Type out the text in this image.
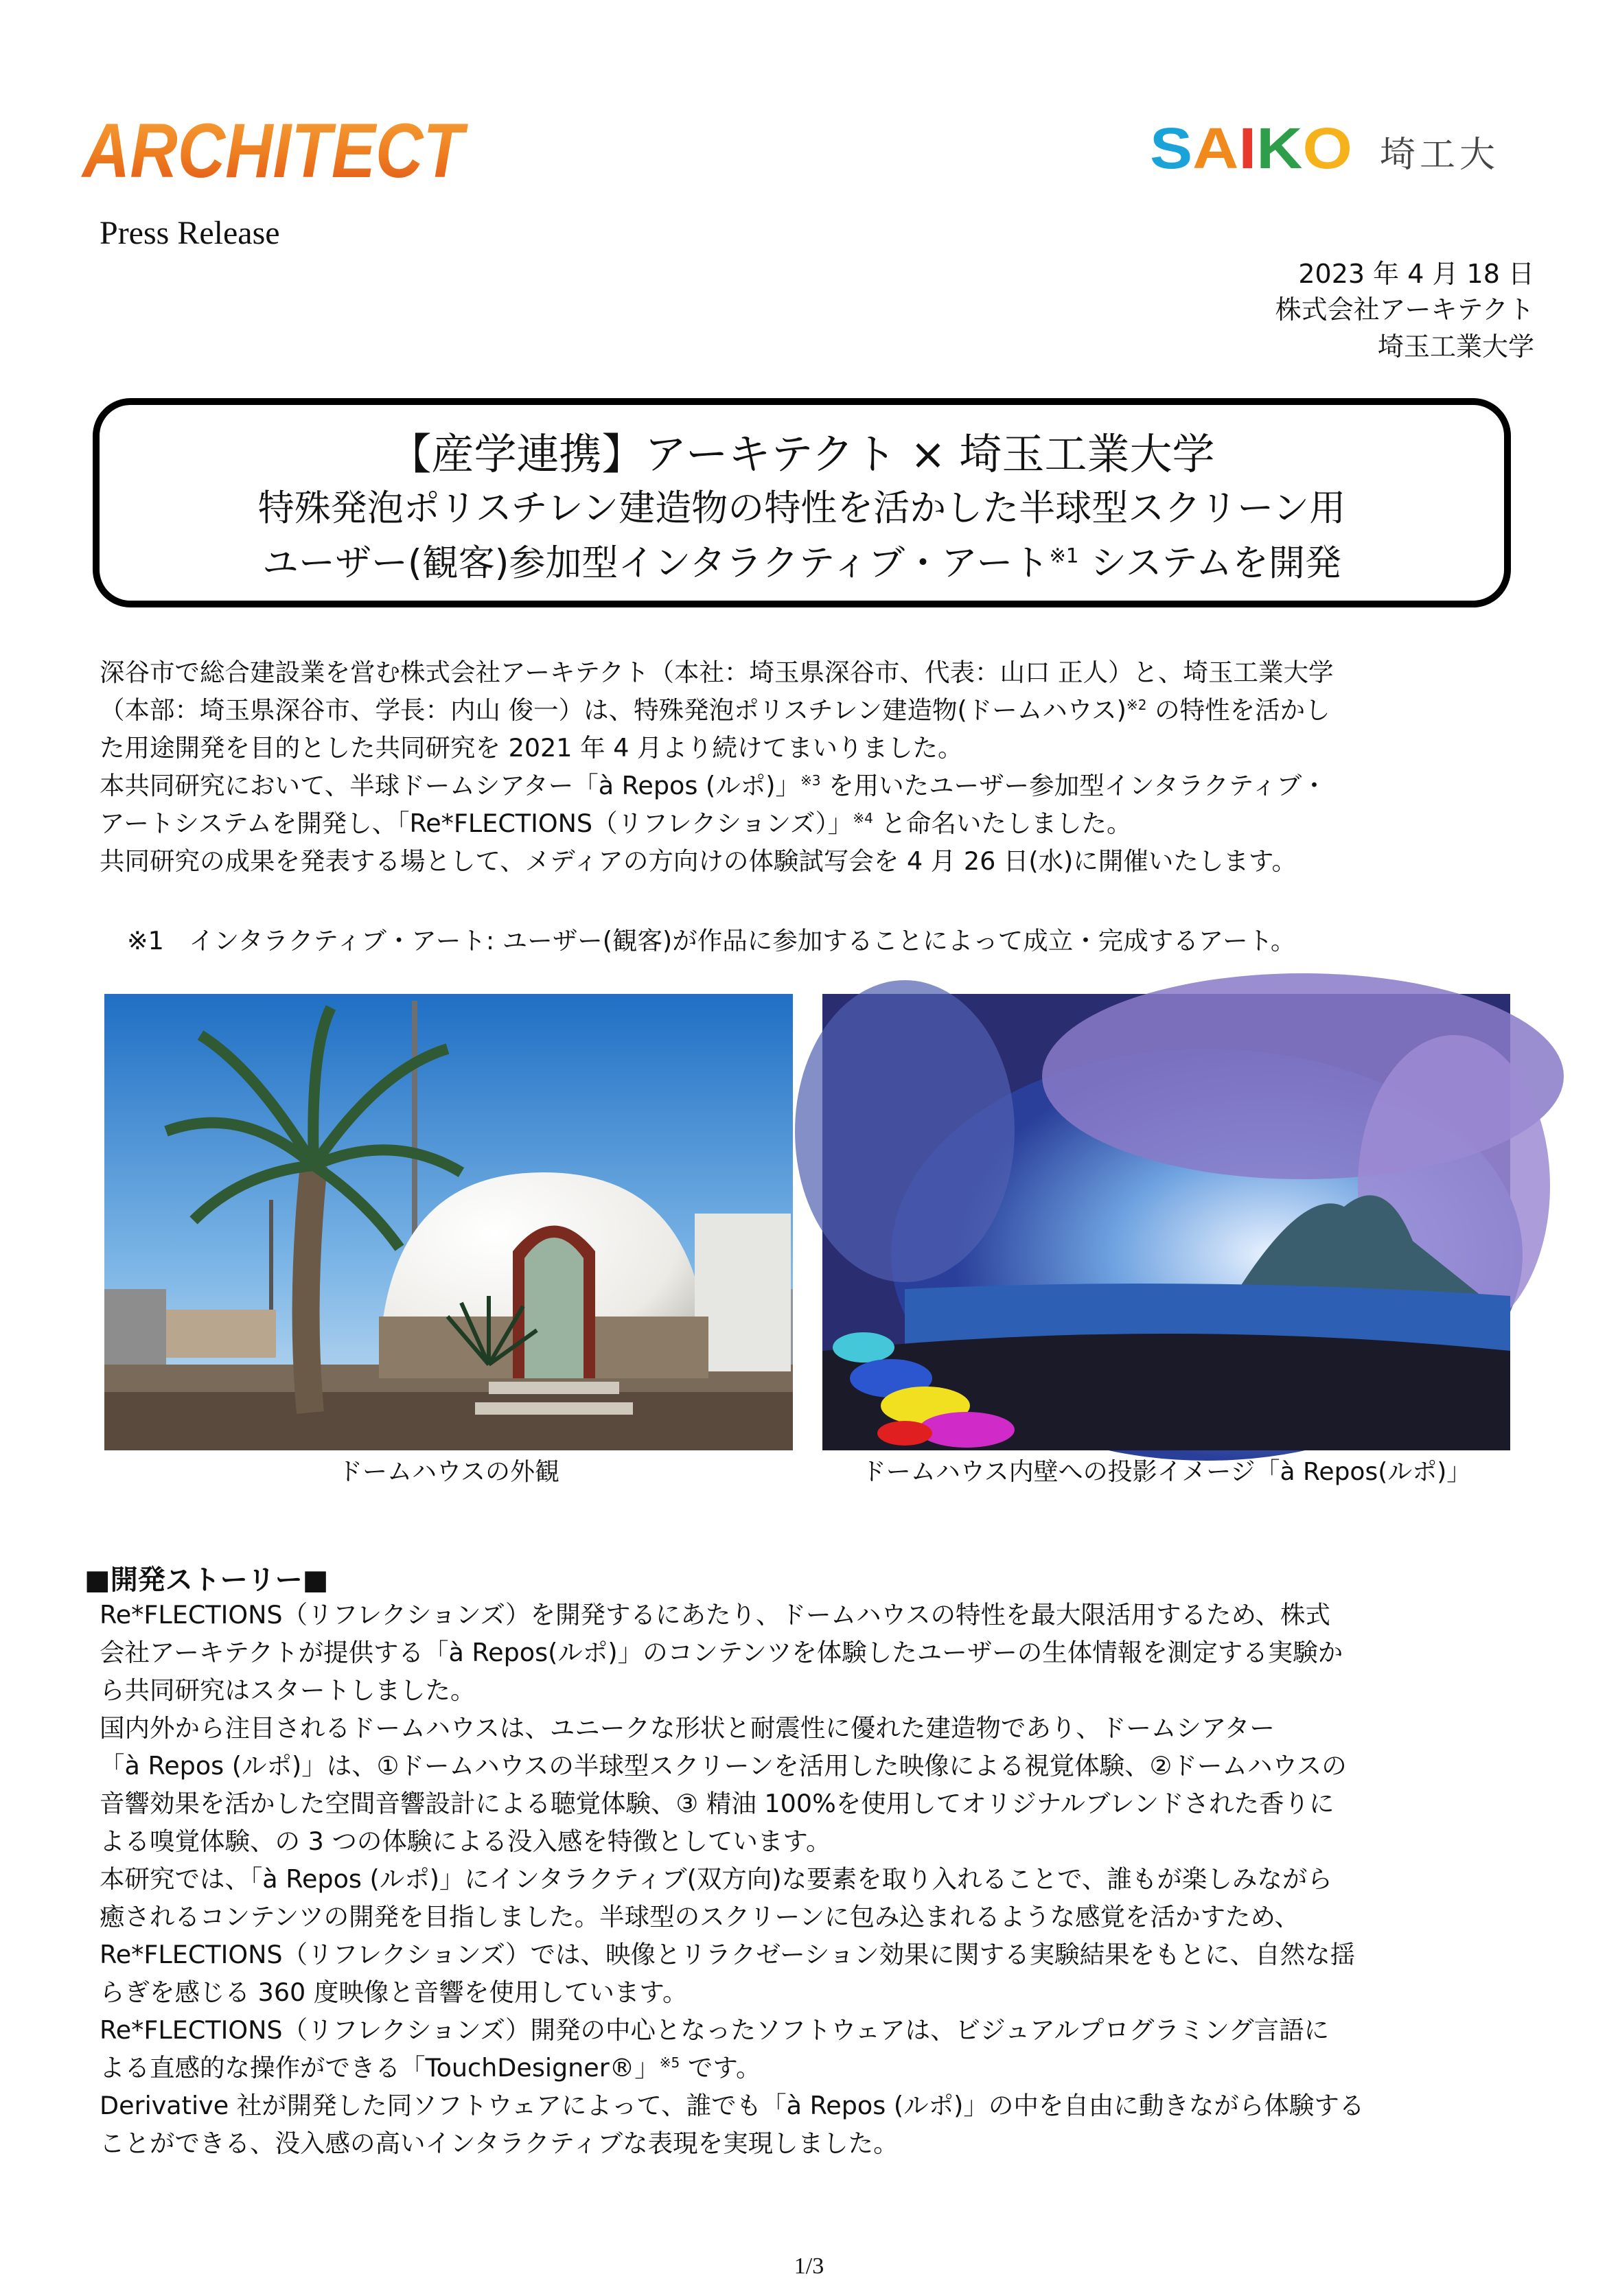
ARCHITECT	SAIKO 埼工大
Press Release
2023 年 4 月 18 日
株式会社アーキテクト
埼玉工業大学
【産学連携】アーキテクト × 埼玉工業大学
特殊発泡ポリスチレン建造物の特性を活かした半球型スクリーン用
ユーザー(観客)参加型インタラクティブ・アート$^{※1}$ システムを開発
深谷市で総合建設業を営む株式会社アーキテクト（本社：埼玉県深谷市、代表：山口 正人）と、埼玉工業大学
（本部：埼玉県深谷市、学長：内山 俊一）は、特殊発泡ポリスチレン建造物(ドームハウス)$^{※2}$ の特性を活かし
た用途開発を目的とした共同研究を 2021 年 4 月より続けてまいりました。
本共同研究において、半球ドームシアター「à Repos (ルポ)」$^{※3}$ を用いたユーザー参加型インタラクティブ・
アートシステムを開発し、「Re*FLECTIONS（リフレクションズ）」$^{※4}$ と命名いたしました。
共同研究の成果を発表する場として、メディアの方向けの体験試写会を 4 月 26 日(水)に開催いたします。
※1　インタラクティブ・アート: ユーザー(観客)が作品に参加することによって成立・完成するアート。
ドームハウスの外観	ドームハウス内壁への投影イメージ「à Repos(ルポ)」
■開発ストーリー■
Re*FLECTIONS（リフレクションズ）を開発するにあたり、ドームハウスの特性を最大限活用するため、株式
会社アーキテクトが提供する「à Repos(ルポ)」のコンテンツを体験したユーザーの生体情報を測定する実験か
ら共同研究はスタートしました。
国内外から注目されるドームハウスは、ユニークな形状と耐震性に優れた建造物であり、ドームシアター
「à Repos (ルポ)」は、①ドームハウスの半球型スクリーンを活用した映像による視覚体験、②ドームハウスの
音響効果を活かした空間音響設計による聴覚体験、③ 精油 100%を使用してオリジナルブレンドされた香りに
よる嗅覚体験、の 3 つの体験による没入感を特徴としています。
本研究では、「à Repos (ルポ)」にインタラクティブ(双方向)な要素を取り入れることで、誰もが楽しみながら
癒されるコンテンツの開発を目指しました。半球型のスクリーンに包み込まれるような感覚を活かすため、
Re*FLECTIONS（リフレクションズ）では、映像とリラクゼーション効果に関する実験結果をもとに、自然な揺
らぎを感じる 360 度映像と音響を使用しています。
Re*FLECTIONS（リフレクションズ）開発の中心となったソフトウェアは、ビジュアルプログラミング言語に
よる直感的な操作ができる「TouchDesigner®」$^{※5}$ です。
Derivative 社が開発した同ソフトウェアによって、誰でも「à Repos (ルポ)」の中を自由に動きながら体験する
ことができる、没入感の高いインタラクティブな表現を実現しました。
1/3
